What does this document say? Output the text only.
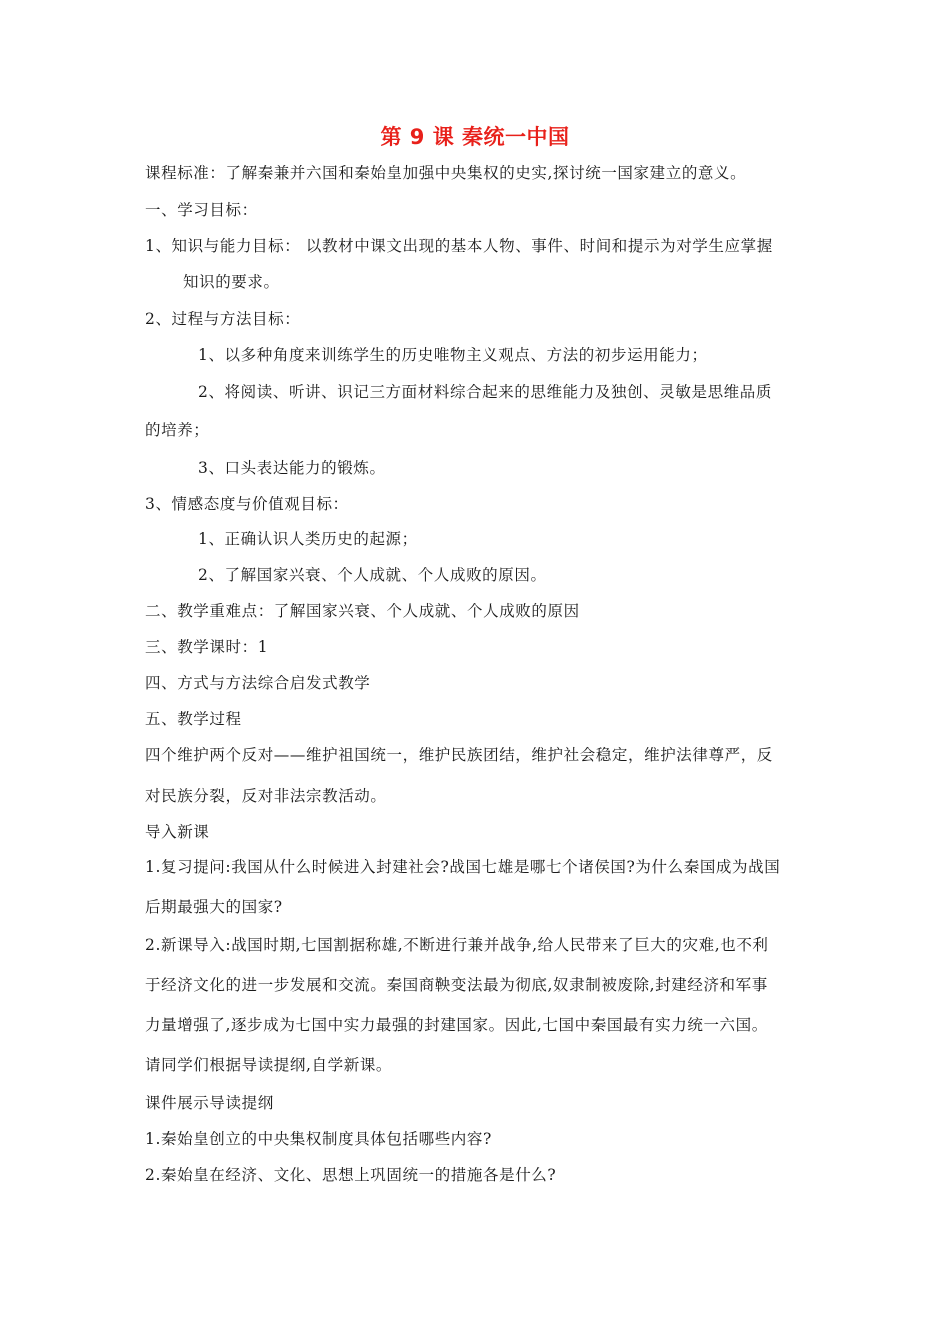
第 9 课 秦统一中国
课程标准：了解秦兼并六国和秦始皇加强中央集权的史实,探讨统一国家建立的意义。
一、学习目标：
1、知识与能力目标： 以教材中课文出现的基本人物、事件、时间和提示为对学生应掌握
知识的要求。
2、过程与方法目标：
1、以多种角度来训练学生的历史唯物主义观点、方法的初步运用能力；
2、将阅读、听讲、识记三方面材料综合起来的思维能力及独创、灵敏是思维品质
的培养；
3、口头表达能力的锻炼。
3、情感态度与价值观目标：
1、正确认识人类历史的起源；
2、了解国家兴衰、个人成就、个人成败的原因。
二、教学重难点：了解国家兴衰、个人成就、个人成败的原因
三、教学课时：1
四、方式与方法综合启发式教学
五、教学过程
四个维护两个反对——维护祖国统一，维护民族团结，维护社会稳定，维护法律尊严，反
对民族分裂，反对非法宗教活动。
导入新课
1.复习提问:我国从什么时候进入封建社会?战国七雄是哪七个诸侯国?为什么秦国成为战国
后期最强大的国家?
2.新课导入:战国时期,七国割据称雄,不断进行兼并战争,给人民带来了巨大的灾难,也不利
于经济文化的进一步发展和交流。秦国商鞅变法最为彻底,奴隶制被废除,封建经济和军事
力量增强了,逐步成为七国中实力最强的封建国家。因此,七国中秦国最有实力统一六国。
请同学们根据导读提纲,自学新课。
课件展示导读提纲
1.秦始皇创立的中央集权制度具体包括哪些内容?
2.秦始皇在经济、文化、思想上巩固统一的措施各是什么?
